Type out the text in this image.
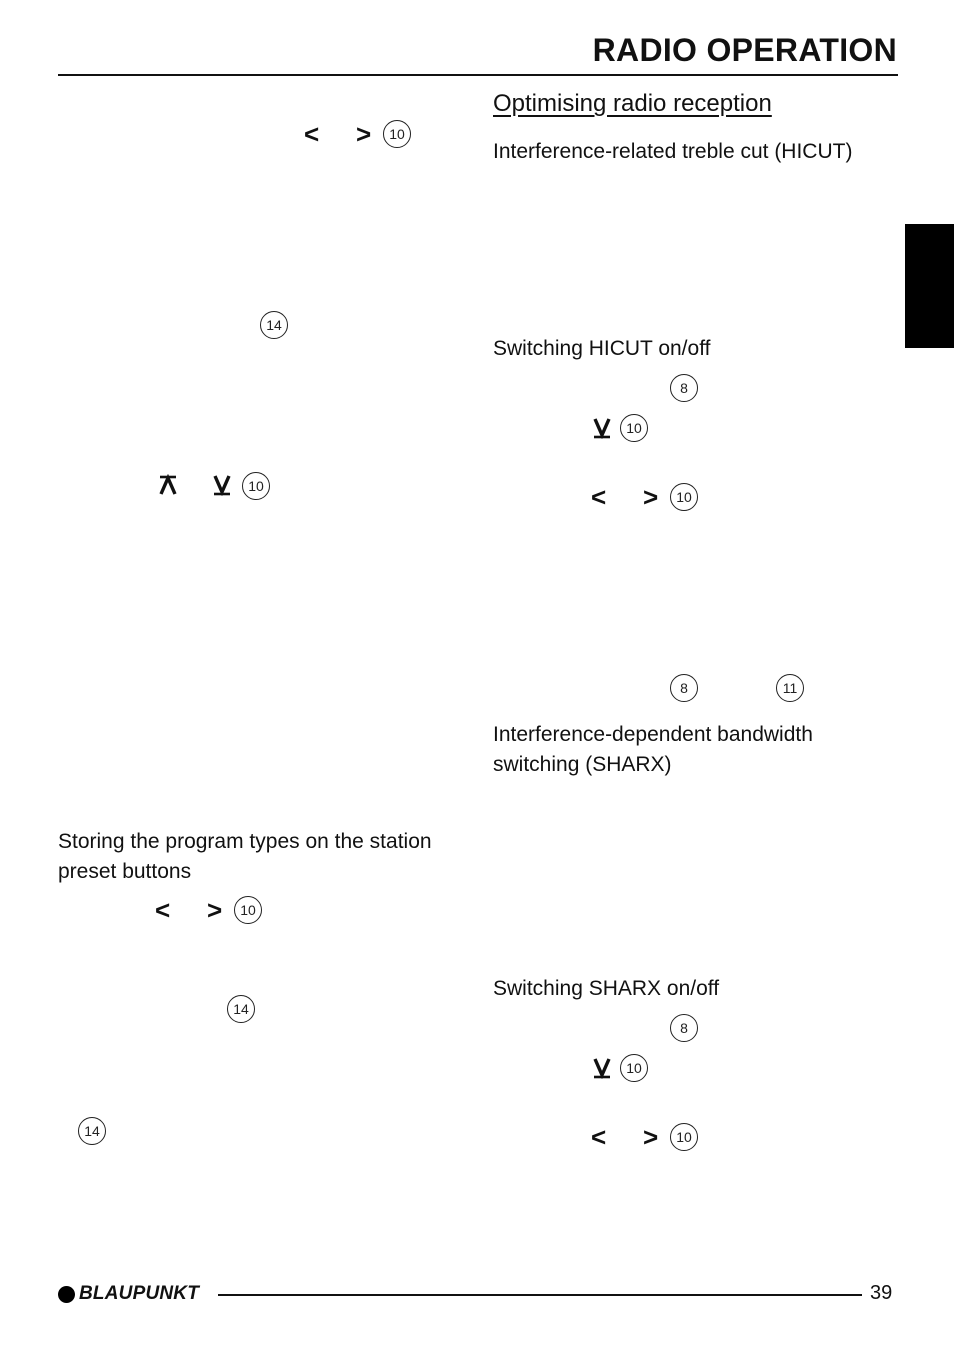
RADIO OPERATION
< >	10
14
10
Storing the program types on the station preset buttons
< >	10
14
14
Optimising radio reception
Interference-related treble cut (HICUT)
Switching HICUT on/off
8
10
< >	10
8	11
Interference-dependent bandwidth switching (SHARX)
Switching SHARX on/off
8
10
< >	10
BLAUPUNKT	39
